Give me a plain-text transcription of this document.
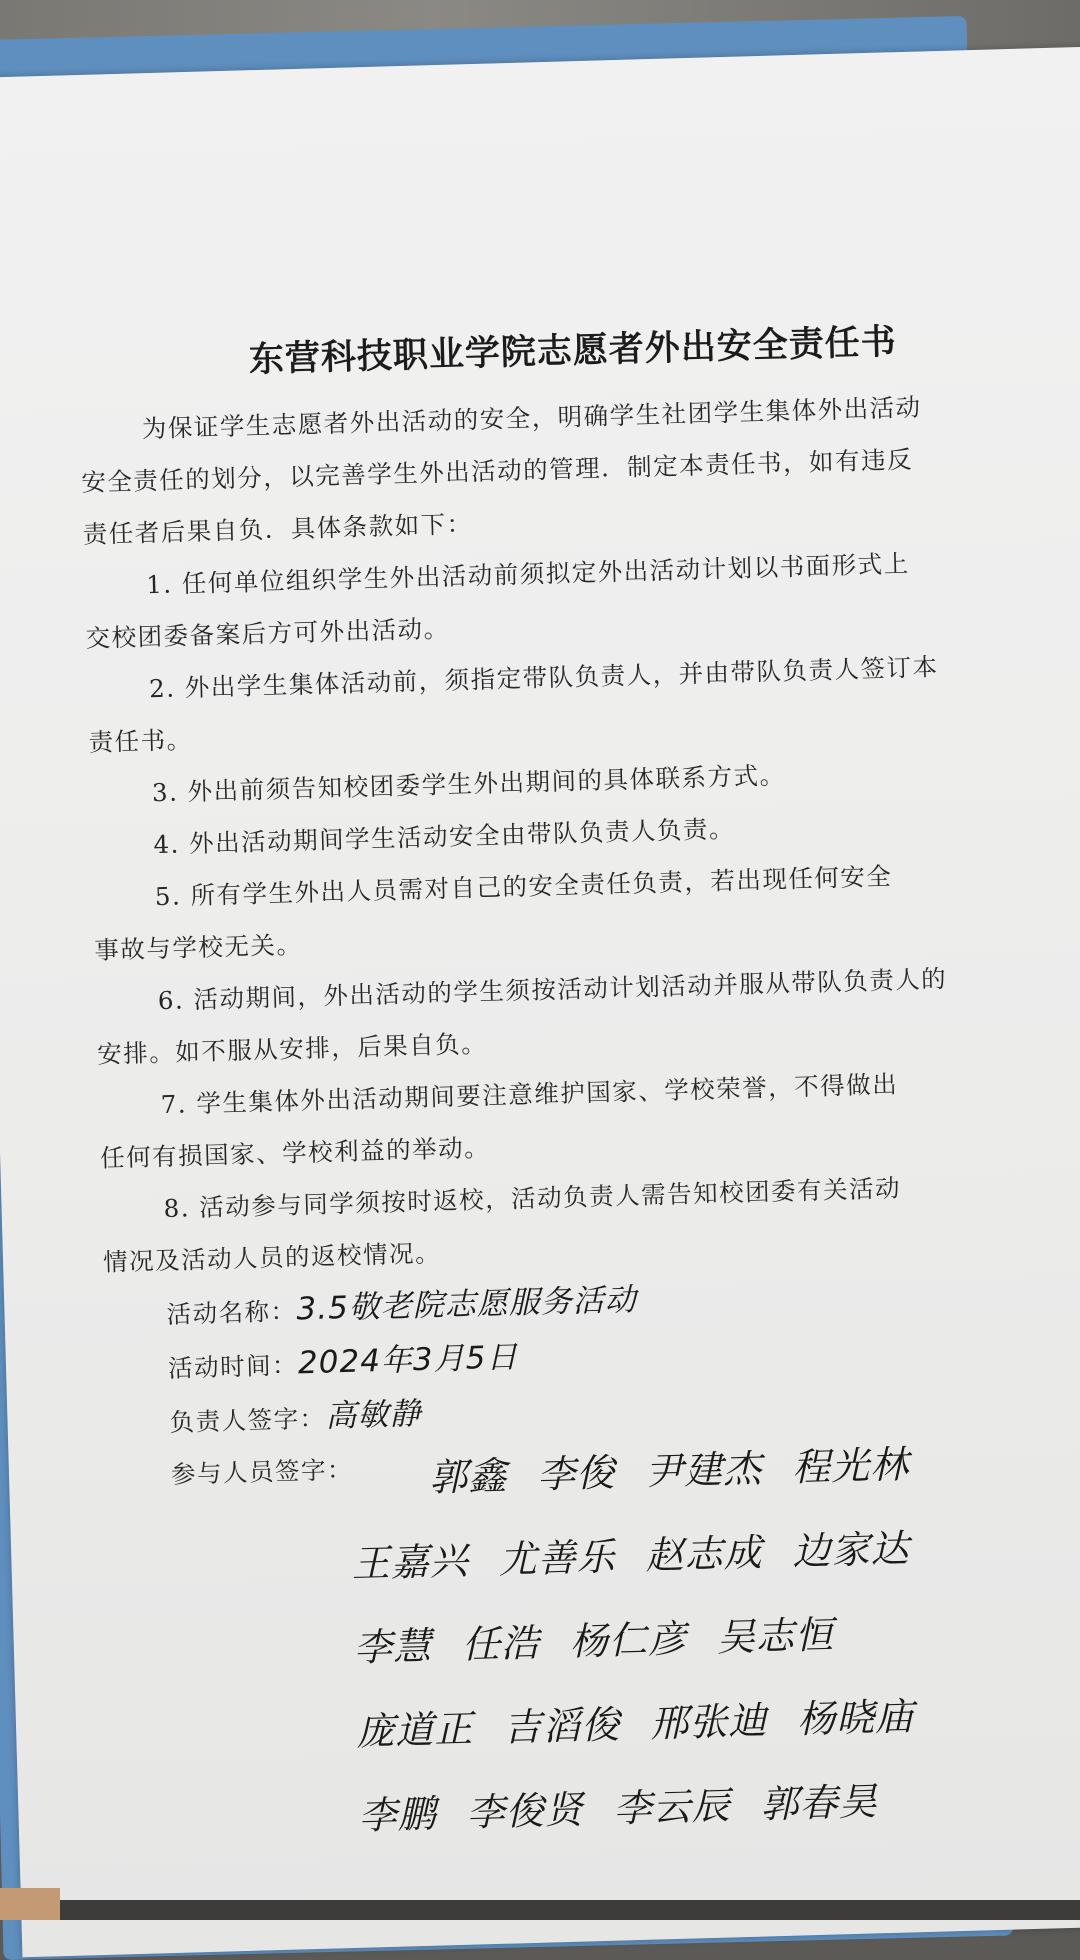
东营科技职业学院志愿者外出安全责任书
为保证学生志愿者外出活动的安全，明确学生社团学生集体外出活动
安全责任的划分，以完善学生外出活动的管理．制定本责任书，如有违反
责任者后果自负．具体条款如下：
1. 任何单位组织学生外出活动前须拟定外出活动计划以书面形式上
交校团委备案后方可外出活动。
2. 外出学生集体活动前，须指定带队负责人，并由带队负责人签订本
责任书。
3. 外出前须告知校团委学生外出期间的具体联系方式。
4. 外出活动期间学生活动安全由带队负责人负责。
5. 所有学生外出人员需对自己的安全责任负责，若出现任何安全
事故与学校无关。
6. 活动期间，外出活动的学生须按活动计划活动并服从带队负责人的
安排。如不服从安排，后果自负。
7. 学生集体外出活动期间要注意维护国家、学校荣誉，不得做出
任何有损国家、学校利益的举动。
8. 活动参与同学须按时返校，活动负责人需告知校团委有关活动
情况及活动人员的返校情况。
活动名称：3.5敬老院志愿服务活动
活动时间：2024年3月5日
负责人签字：高敏静
参与人员签字：	郭鑫 李俊 尹建杰 程光林
王嘉兴 尤善乐 赵志成 边家达
李慧 任浩 杨仁彦 吴志恒
庞道正 吉滔俊 邢张迪 杨晓庙
李鹏 李俊贤 李云辰 郭春昊
